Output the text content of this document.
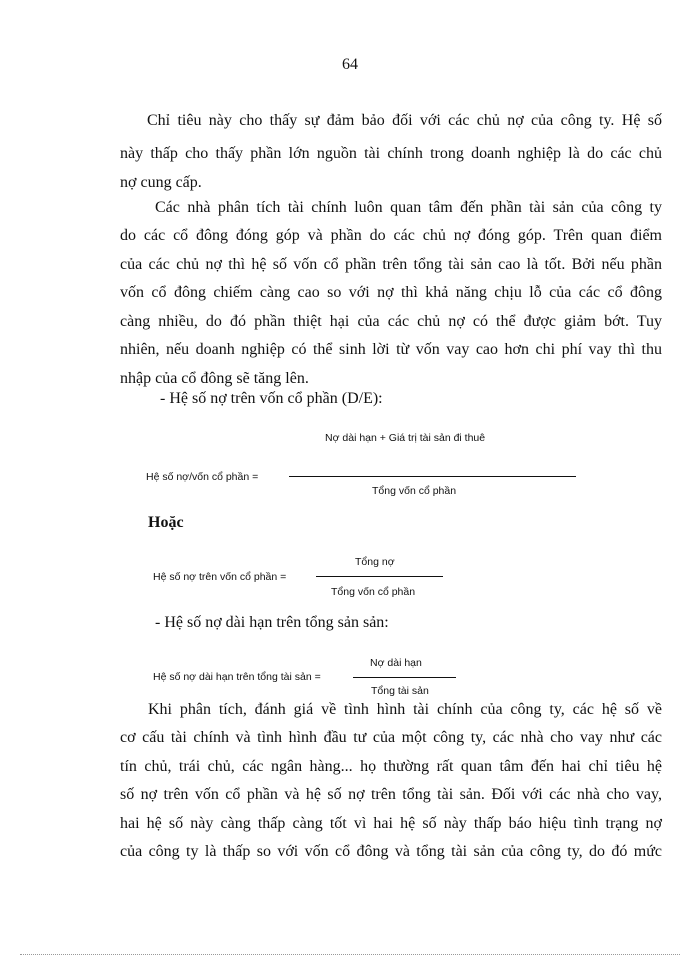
64
Chỉ tiêu này cho thấy sự đảm bảo đối với các chủ nợ của công ty. Hệ số
này thấp cho thấy phần lớn nguồn tài chính trong doanh nghiệp là do các chủ
nợ cung cấp.
Các nhà phân tích tài chính luôn quan tâm đến phần tài sản của công ty
do các cổ đông đóng góp và phần do các chủ nợ đóng góp. Trên quan điểm
của các chủ nợ thì hệ số vốn cổ phần trên tổng tài sản cao là tốt. Bởi nếu phần
vốn cổ đông chiếm càng cao so với nợ thì khả năng chịu lỗ của các cổ đông
càng nhiều, do đó phần thiệt hại của các chủ nợ có thể được giảm bớt. Tuy
nhiên, nếu doanh nghiệp có thể sinh lời từ vốn vay cao hơn chi phí vay thì thu
nhập của cổ đông sẽ tăng lên.
- Hệ số nợ trên vốn cổ phần (D/E):
Nợ dài hạn + Giá trị tài sản đi thuê
Hệ số nợ/vốn cổ phần =
Tổng vốn cổ phần
Hoặc
Tổng nợ
Hệ số nợ trên vốn cổ phần =
Tổng vốn cổ phần
- Hệ số nợ dài hạn trên tổng sản sản:
Nợ dài hạn
Hệ số nợ dài hạn trên tổng tài sản =
Tổng tài sản
Khi phân tích, đánh giá về tình hình tài chính của công ty, các hệ số về
cơ cấu tài chính và tình hình đầu tư của một công ty, các nhà cho vay như các
tín chủ, trái chủ, các ngân hàng... họ thường rất quan tâm đến hai chỉ tiêu hệ
số nợ trên vốn cổ phần và hệ số nợ trên tổng tài sản. Đối với các nhà cho vay,
hai hệ số này càng thấp càng tốt vì hai hệ số này thấp báo hiệu tình trạng nợ
của công ty là thấp so với vốn cổ đông và tổng tài sản của công ty, do đó mức
